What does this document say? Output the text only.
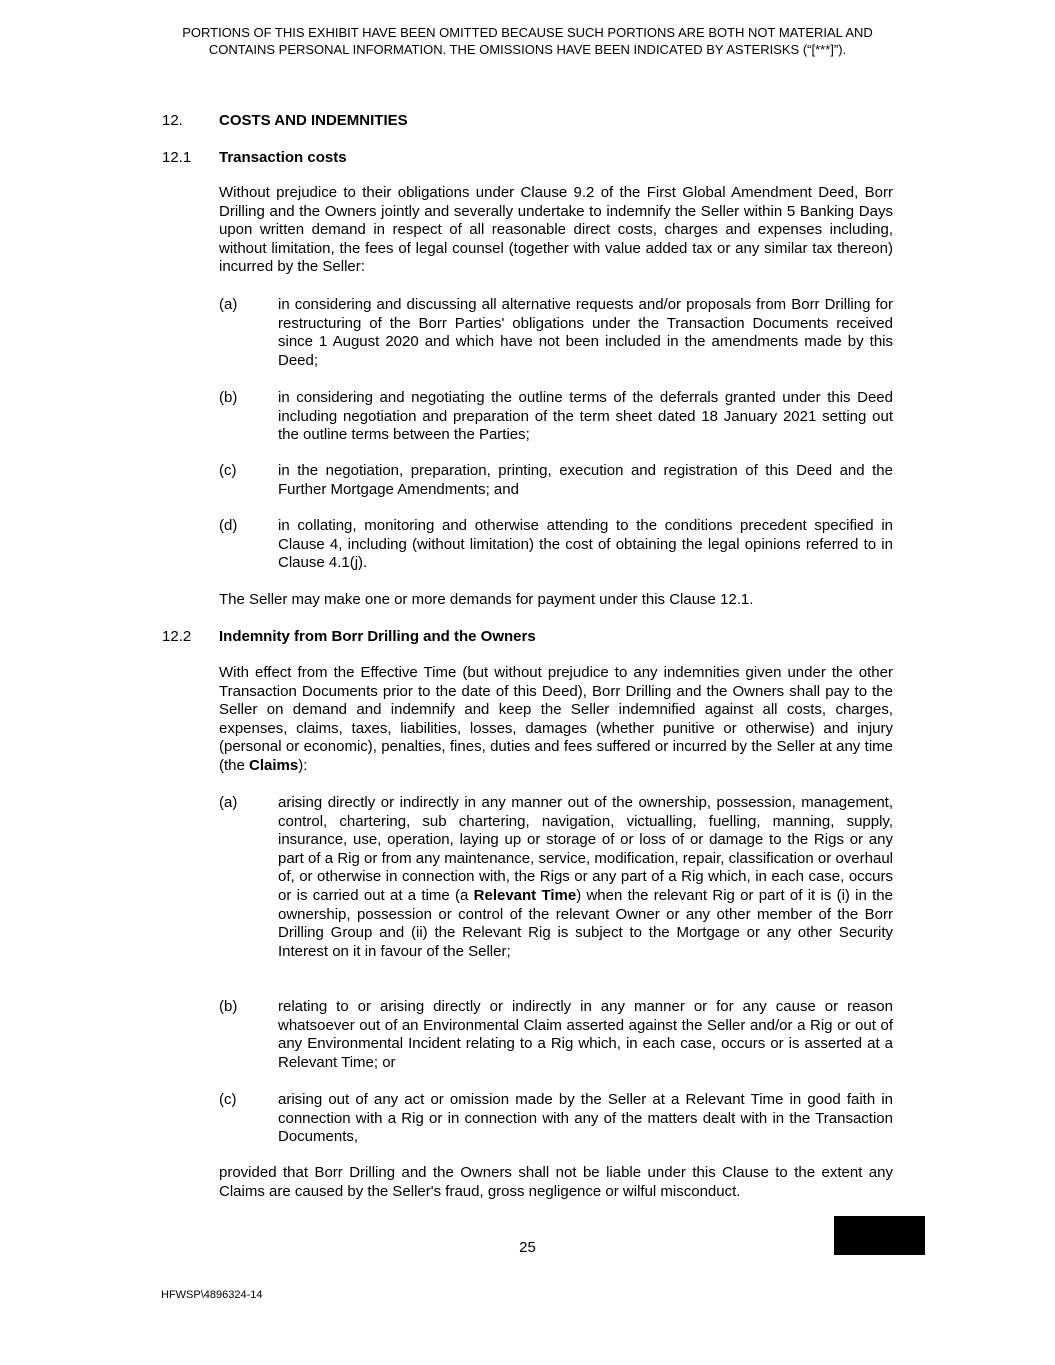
PORTIONS OF THIS EXHIBIT HAVE BEEN OMITTED BECAUSE SUCH PORTIONS ARE BOTH NOT MATERIAL AND
CONTAINS PERSONAL INFORMATION. THE OMISSIONS HAVE BEEN INDICATED BY ASTERISKS (“[***]”).
12.	COSTS AND INDEMNITIES
12.1 Transaction costs
Without prejudice to their obligations under Clause 9.2 of the First Global Amendment Deed, Borr Drilling and the Owners jointly and severally undertake to indemnify the Seller within 5 Banking Days upon written demand in respect of all reasonable direct costs, charges and expenses including, without limitation, the fees of legal counsel (together with value added tax or any similar tax thereon) incurred by the Seller:
(a)	in considering and discussing all alternative requests and/or proposals from Borr Drilling for restructuring of the Borr Parties' obligations under the Transaction Documents received since 1 August 2020 and which have not been included in the amendments made by this Deed;
(b)	in considering and negotiating the outline terms of the deferrals granted under this Deed including negotiation and preparation of the term sheet dated 18 January 2021 setting out the outline terms between the Parties;
(c)	in the negotiation, preparation, printing, execution and registration of this Deed and the Further Mortgage Amendments; and
(d)	in collating, monitoring and otherwise attending to the conditions precedent specified in Clause 4, including (without limitation) the cost of obtaining the legal opinions referred to in Clause 4.1(j).
The Seller may make one or more demands for payment under this Clause 12.1.
12.2 Indemnity from Borr Drilling and the Owners
With effect from the Effective Time (but without prejudice to any indemnities given under the other Transaction Documents prior to the date of this Deed), Borr Drilling and the Owners shall pay to the Seller on demand and indemnify and keep the Seller indemnified against all costs, charges, expenses, claims, taxes, liabilities, losses, damages (whether punitive or otherwise) and injury (personal or economic), penalties, fines, duties and fees suffered or incurred by the Seller at any time (the Claims):
(a)	arising directly or indirectly in any manner out of the ownership, possession, management, control, chartering, sub chartering, navigation, victualling, fuelling, manning, supply, insurance, use, operation, laying up or storage of or loss of or damage to the Rigs or any part of a Rig or from any maintenance, service, modification, repair, classification or overhaul of, or otherwise in connection with, the Rigs or any part of a Rig which, in each case, occurs or is carried out at a time (a Relevant Time) when the relevant Rig or part of it is (i) in the ownership, possession or control of the relevant Owner or any other member of the Borr Drilling Group and (ii) the Relevant Rig is subject to the Mortgage or any other Security Interest on it in favour of the Seller;
(b)	relating to or arising directly or indirectly in any manner or for any cause or reason whatsoever out of an Environmental Claim asserted against the Seller and/or a Rig or out of any Environmental Incident relating to a Rig which, in each case, occurs or is asserted at a Relevant Time; or
(c)	arising out of any act or omission made by the Seller at a Relevant Time in good faith in connection with a Rig or in connection with any of the matters dealt with in the Transaction Documents,
provided that Borr Drilling and the Owners shall not be liable under this Clause to the extent any Claims are caused by the Seller's fraud, gross negligence or wilful misconduct.
25
HFWSP\4896324-14
